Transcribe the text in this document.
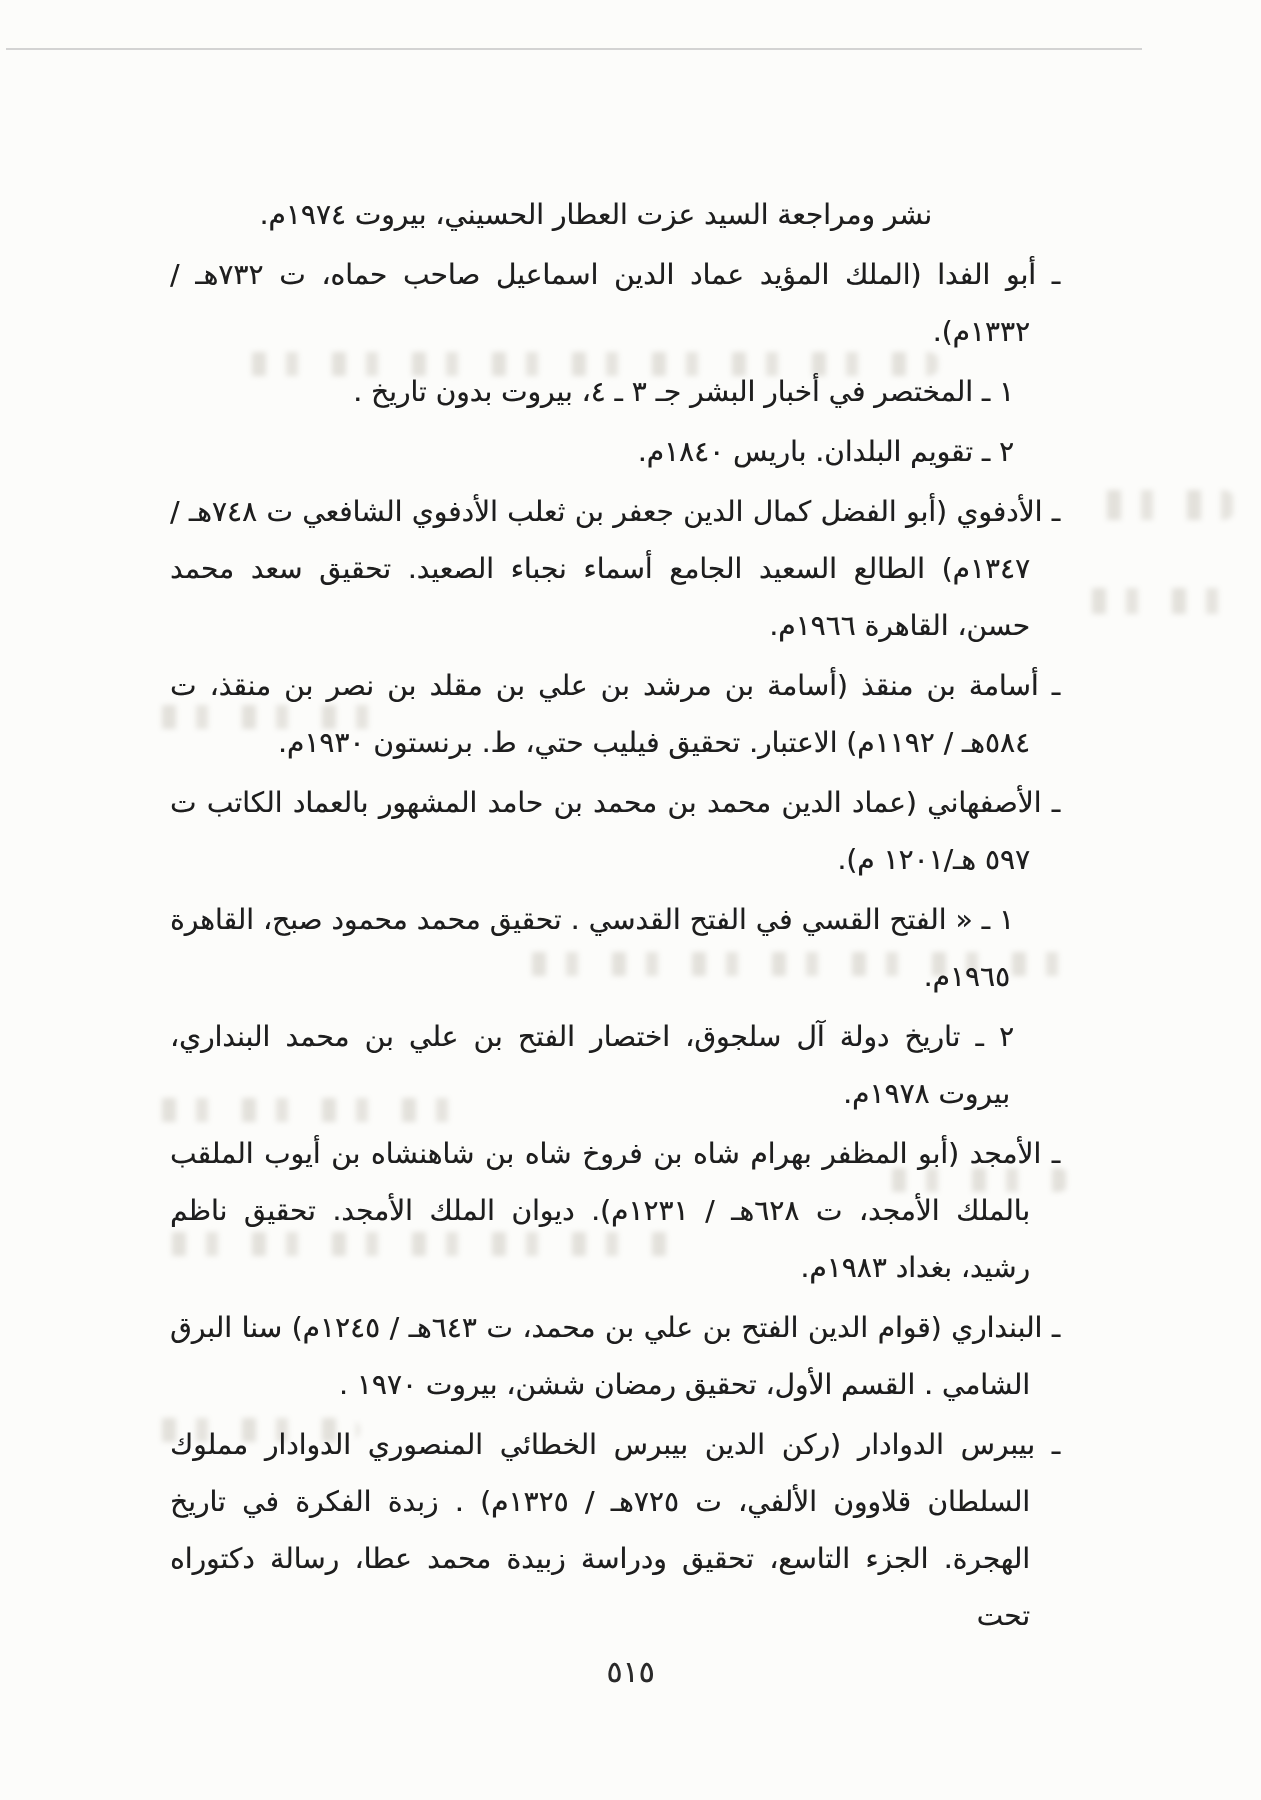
نشر ومراجعة السيد عزت العطار الحسيني، بيروت ١٩٧٤م.

ـ أبو الفدا (الملك المؤيد عماد الدين اسماعيل صاحب حماه، ت ٧٣٢هـ / ١٣٣٢م).

١ ـ المختصر في أخبار البشر جـ ٣ ـ ٤، بيروت بدون تاريخ .

٢ ـ تقويم البلدان. باريس ١٨٤٠م.

ـ الأدفوي (أبو الفضل كمال الدين جعفر بن ثعلب الأدفوي الشافعي ت ٧٤٨هـ / ١٣٤٧م) الطالع السعيد الجامع أسماء نجباء الصعيد. تحقيق سعد محمد حسن، القاهرة ١٩٦٦م.

ـ أسامة بن منقذ (أسامة بن مرشد بن علي بن مقلد بن نصر بن منقذ، ت ٥٨٤هـ / ١١٩٢م) الاعتبار. تحقيق فيليب حتي، ط. برنستون ١٩٣٠م.

ـ الأصفهاني (عماد الدين محمد بن محمد بن حامد المشهور بالعماد الكاتب ت ٥٩٧ هـ/١٢٠١ م).

١ ـ « الفتح القسي في الفتح القدسي . تحقيق محمد محمود صبح، القاهرة ١٩٦٥م.

٢ ـ تاريخ دولة آل سلجوق، اختصار الفتح بن علي بن محمد البنداري، بيروت ١٩٧٨م.

ـ الأمجد (أبو المظفر بهرام شاه بن فروخ شاه بن شاهنشاه بن أيوب الملقب بالملك الأمجد، ت ٦٢٨هـ / ١٢٣١م). ديوان الملك الأمجد. تحقيق ناظم رشيد، بغداد ١٩٨٣م.

ـ البنداري (قوام الدين الفتح بن علي بن محمد، ت ٦٤٣هـ / ١٢٤٥م) سنا البرق الشامي . القسم الأول، تحقيق رمضان ششن، بيروت ١٩٧٠ .

ـ بيبرس الدوادار (ركن الدين بيبرس الخطائي المنصوري الدوادار مملوك السلطان قلاوون الألفي، ت ٧٢٥هـ / ١٣٢٥م) . زبدة الفكرة في تاريخ الهجرة. الجزء التاسع، تحقيق ودراسة زبيدة محمد عطا، رسالة دكتوراه تحت

٥١٥
